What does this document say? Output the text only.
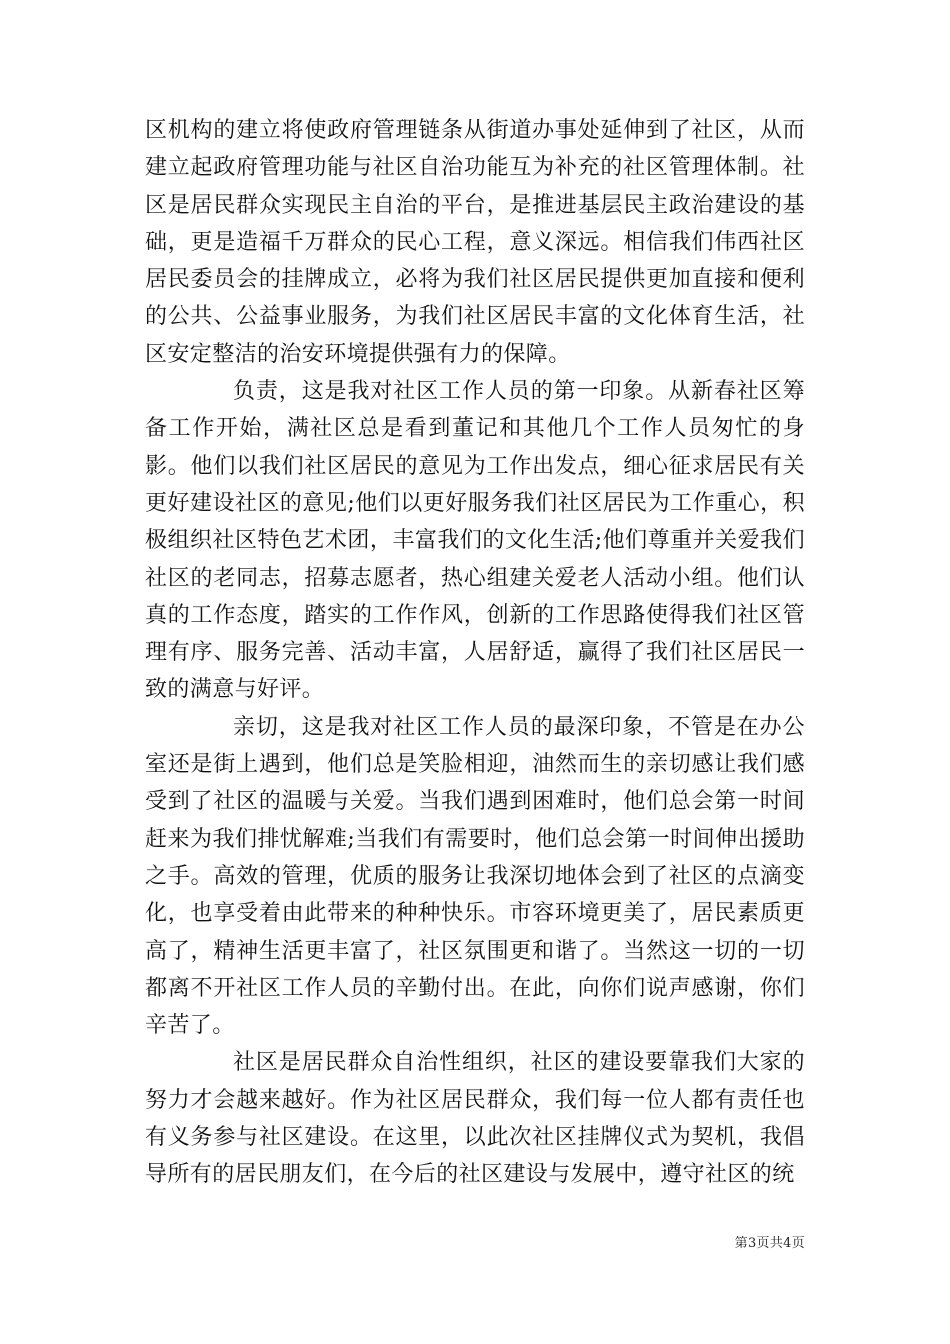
区机构的建立将使政府管理链条从街道办事处延伸到了社区，从而建立起政府管理功能与社区自治功能互为补充的社区管理体制。社区是居民群众实现民主自治的平台，是推进基层民主政治建设的基础，更是造福千万群众的民心工程，意义深远。相信我们伟西社区居民委员会的挂牌成立，必将为我们社区居民提供更加直接和便利的公共、公益事业服务，为我们社区居民丰富的文化体育生活，社区安定整洁的治安环境提供强有力的保障。

负责，这是我对社区工作人员的第一印象。从新春社区筹备工作开始，满社区总是看到董记和其他几个工作人员匆忙的身影。他们以我们社区居民的意见为工作出发点，细心征求居民有关更好建设社区的意见;他们以更好服务我们社区居民为工作重心，积极组织社区特色艺术团，丰富我们的文化生活;他们尊重并关爱我们社区的老同志，招募志愿者，热心组建关爱老人活动小组。他们认真的工作态度，踏实的工作作风，创新的工作思路使得我们社区管理有序、服务完善、活动丰富，人居舒适，赢得了我们社区居民一致的满意与好评。

亲切，这是我对社区工作人员的最深印象，不管是在办公室还是街上遇到，他们总是笑脸相迎，油然而生的亲切感让我们感受到了社区的温暖与关爱。当我们遇到困难时，他们总会第一时间赶来为我们排忧解难;当我们有需要时，他们总会第一时间伸出援助之手。高效的管理，优质的服务让我深切地体会到了社区的点滴变化，也享受着由此带来的种种快乐。市容环境更美了，居民素质更高了，精神生活更丰富了，社区氛围更和谐了。当然这一切的一切都离不开社区工作人员的辛勤付出。在此，向你们说声感谢，你们辛苦了。

社区是居民群众自治性组织，社区的建设要靠我们大家的努力才会越来越好。作为社区居民群众，我们每一位人都有责任也有义务参与社区建设。在这里，以此次社区挂牌仪式为契机，我倡导所有的居民朋友们，在今后的社区建设与发展中，遵守社区的统

第3页共4页
